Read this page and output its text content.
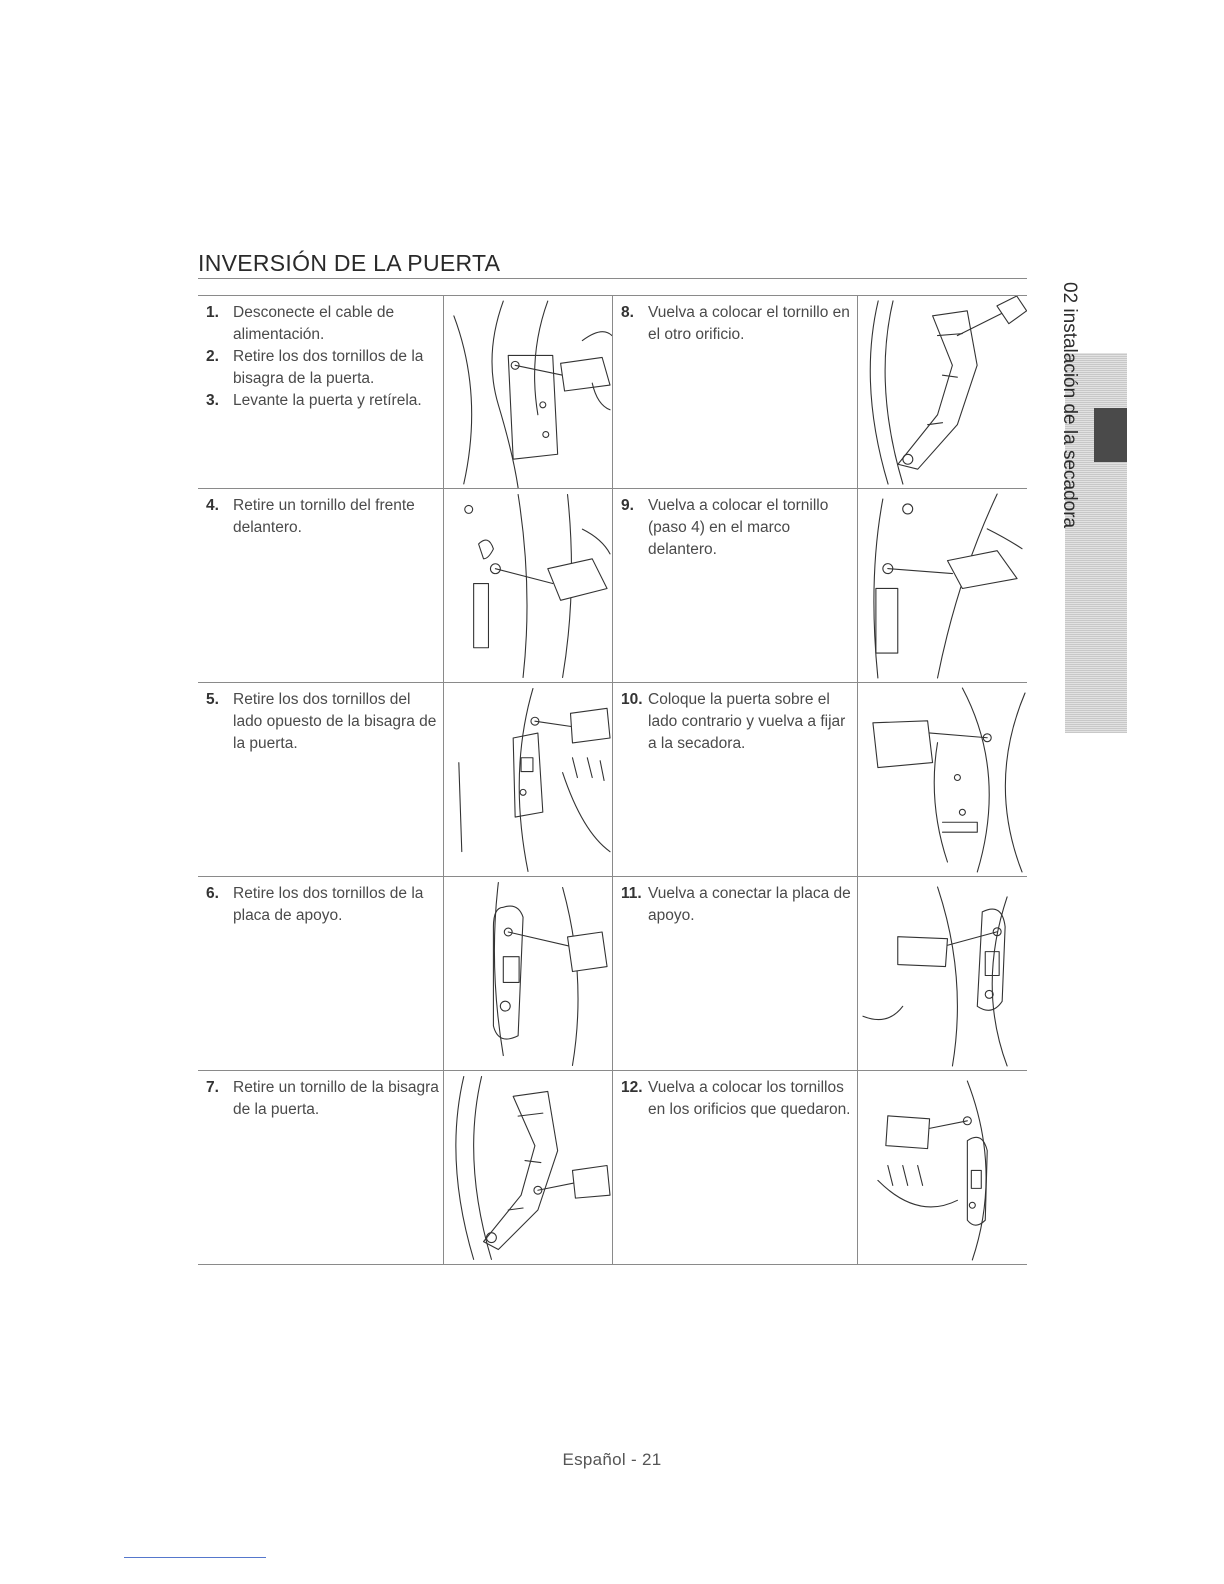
INVERSIÓN DE LA PUERTA
02 instalación de la secadora
1. Desconecte el cable de alimentación.
2. Retire los dos tornillos de la bisagra de la puerta.
3. Levante la puerta y retírela.
8. Vuelva a colocar el tornillo en el otro orificio.
4. Retire un tornillo del frente delantero.
9. Vuelva a colocar el tornillo (paso 4) en el marco delantero.
5. Retire los dos tornillos del lado opuesto de la bisagra de la puerta.
10. Coloque la puerta sobre el lado contrario y vuelva a fijar a la secadora.
6. Retire los dos tornillos de la placa de apoyo.
11. Vuelva a conectar la placa de apoyo.
7. Retire un tornillo de la bisagra de la puerta.
12. Vuelva a colocar los tornillos en los orificios que quedaron.
Español - 21
